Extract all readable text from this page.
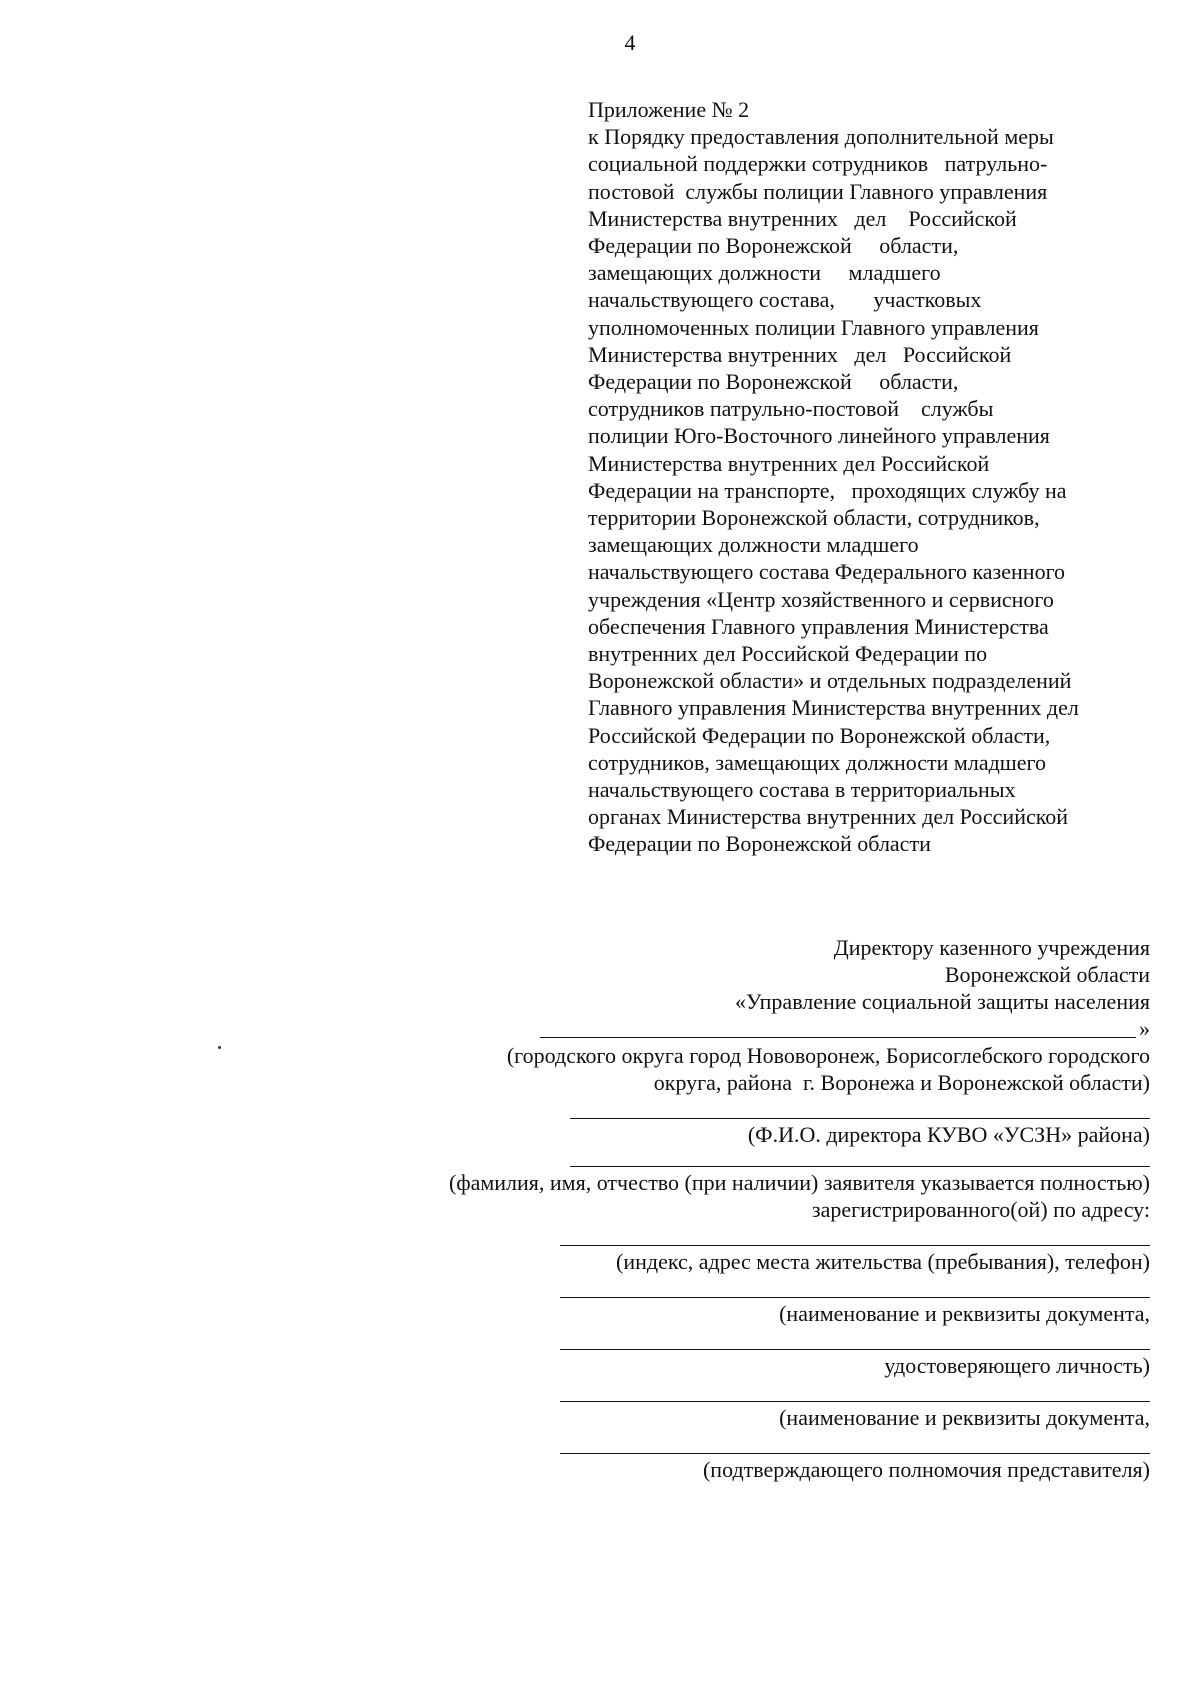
4
Приложение № 2
к Порядку предоставления дополнительной меры
социальной поддержки сотрудников   патрульно-
постовой  службы полиции Главного управления
Министерства внутренних   дел    Российской
Федерации по Воронежской     области,
замещающих должности     младшего
начальствующего состава,       участковых
уполномоченных полиции Главного управления
Министерства внутренних   дел   Российской
Федерации по Воронежской     области,
сотрудников патрульно-постовой    службы
полиции Юго-Восточного линейного управления
Министерства внутренних дел Российской
Федерации на транспорте,   проходящих службу на
территории Воронежской области, сотрудников,
замещающих должности младшего
начальствующего состава Федерального казенного
учреждения «Центр хозяйственного и сервисного
обеспечения Главного управления Министерства
внутренних дел Российской Федерации по
Воронежской области» и отдельных подразделений
Главного управления Министерства внутренних дел
Российской Федерации по Воронежской области,
сотрудников, замещающих должности младшего
начальствующего состава в территориальных
органах Министерства внутренних дел Российской
Федерации по Воронежской области
Директору казенного учреждения
Воронежской области
«Управление социальной защиты населения
»
(городского округа город Нововоронеж, Борисоглебского городского
округа, района  г. Воронежа и Воронежской области)
(Ф.И.О. директора КУВО «УСЗН» района)
(фамилия, имя, отчество (при наличии) заявителя указывается полностью)
зарегистрированного(ой) по адресу:
(индекс, адрес места жительства (пребывания), телефон)
(наименование и реквизиты документа,
удостоверяющего личность)
(наименование и реквизиты документа,
(подтверждающего полномочия представителя)
